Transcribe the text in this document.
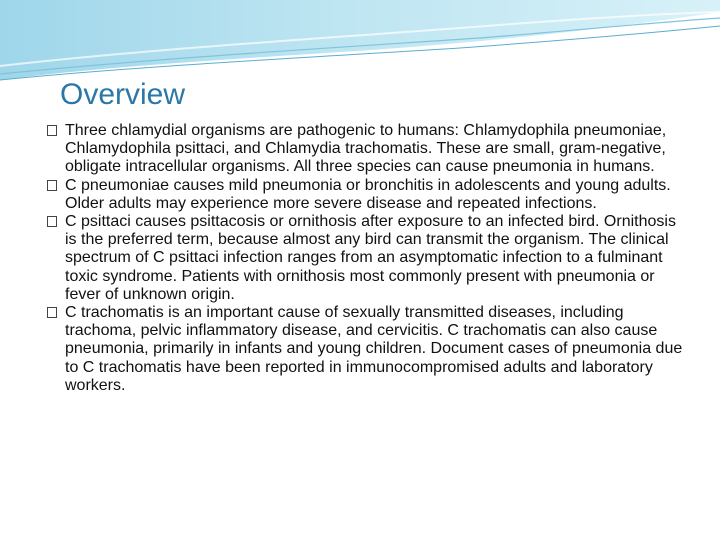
Overview
Three chlamydial organisms are pathogenic to humans: Chlamydophila pneumoniae, Chlamydophila psittaci, and Chlamydia trachomatis. These are small, gram-negative, obligate intracellular organisms. All three species can cause pneumonia in humans.
C pneumoniae causes mild pneumonia or bronchitis in adolescents and young adults. Older adults may experience more severe disease and repeated infections.
C psittaci causes psittacosis or ornithosis after exposure to an infected bird. Ornithosis is the preferred term, because almost any bird can transmit the organism. The clinical spectrum of C psittaci infection ranges from an asymptomatic infection to a fulminant toxic syndrome. Patients with ornithosis most commonly present with pneumonia or fever of unknown origin.
C trachomatis is an important cause of sexually transmitted diseases, including trachoma, pelvic inflammatory disease, and cervicitis. C trachomatis can also cause pneumonia, primarily in infants and young children. Document cases of pneumonia due to C trachomatis have been reported in immunocompromised adults and laboratory workers.
